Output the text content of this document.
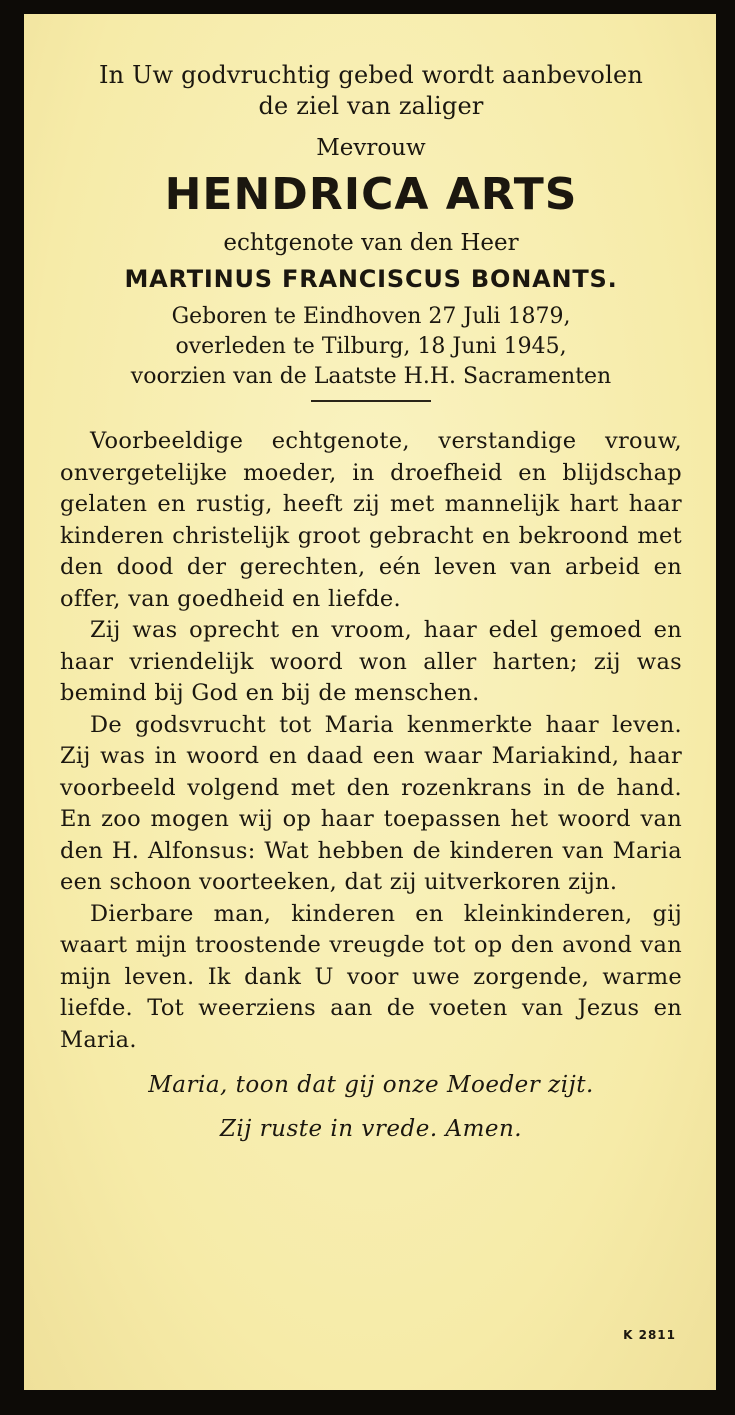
In Uw godvruchtig gebed wordt aanbevolen
de ziel van zaliger
Mevrouw
HENDRICA ARTS
echtgenote van den Heer
MARTINUS FRANCISCUS BONANTS.
Geboren te Eindhoven 27 Juli 1879,
overleden te Tilburg, 18 Juni 1945,
voorzien van de Laatste H.H. Sacramenten

Voorbeeldige echtgenote, verstandige vrouw, onvergetelijke moeder, in droefheid en blijdschap gelaten en rustig, heeft zij met mannelijk hart haar kinderen christelijk groot gebracht en bekroond met den dood der gerechten, eén leven van arbeid en offer, van goedheid en liefde.

Zij was oprecht en vroom, haar edel gemoed en haar vriendelijk woord won aller harten; zij was bemind bij God en bij de menschen.

De godsvrucht tot Maria kenmerkte haar leven. Zij was in woord en daad een waar Mariakind, haar voorbeeld volgend met den rozenkrans in de hand. En zoo mogen wij op haar toepassen het woord van den H. Alfonsus: Wat hebben de kinderen van Maria een schoon voorteeken, dat zij uitverkoren zijn.

Dierbare man, kinderen en kleinkinderen, gij waart mijn troostende vreugde tot op den avond van mijn leven. Ik dank U voor uwe zorgende, warme liefde. Tot weerziens aan de voeten van Jezus en Maria.

Maria, toon dat gij onze Moeder zijt.
Zij ruste in vrede. Amen.
K 2811
